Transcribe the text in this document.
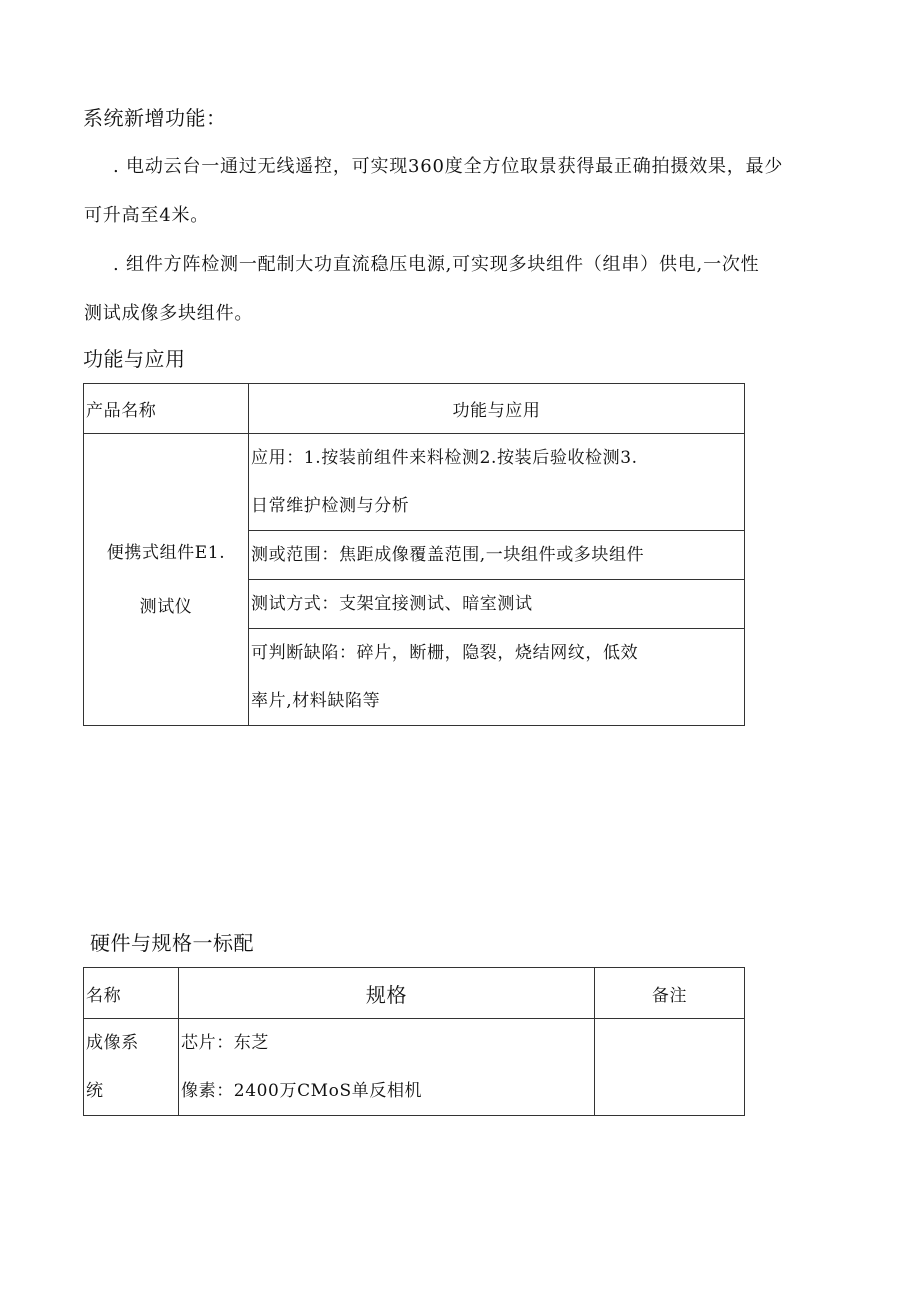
系统新增功能：
. 电动云台一通过无线遥控，可实现360度全方位取景获得最正确拍摄效果，最少
可升高至4米。
. 组件方阵检测一配制大功直流稳压电源,可实现多块组件（组串）供电,一次性
测试成像多块组件。
功能与应用
产品名称	功能与应用

便携式组件E1.
测试仪	应用：1.按装前组件来料检测2.按装后验收检测3.
日常维护检测与分析

	测或范围：焦距成像覆盖范围,一块组件或多块组件

	测试方式：支架宜接测试、暗室测试

	可判断缺陷：碎片，断栅，隐裂，烧结网纹，低效
率片,材料缺陷等
硬件与规格一标配
名称	规格	备注

成像系
统	芯片：东芝
像素：2400万CMoS单反相机	
